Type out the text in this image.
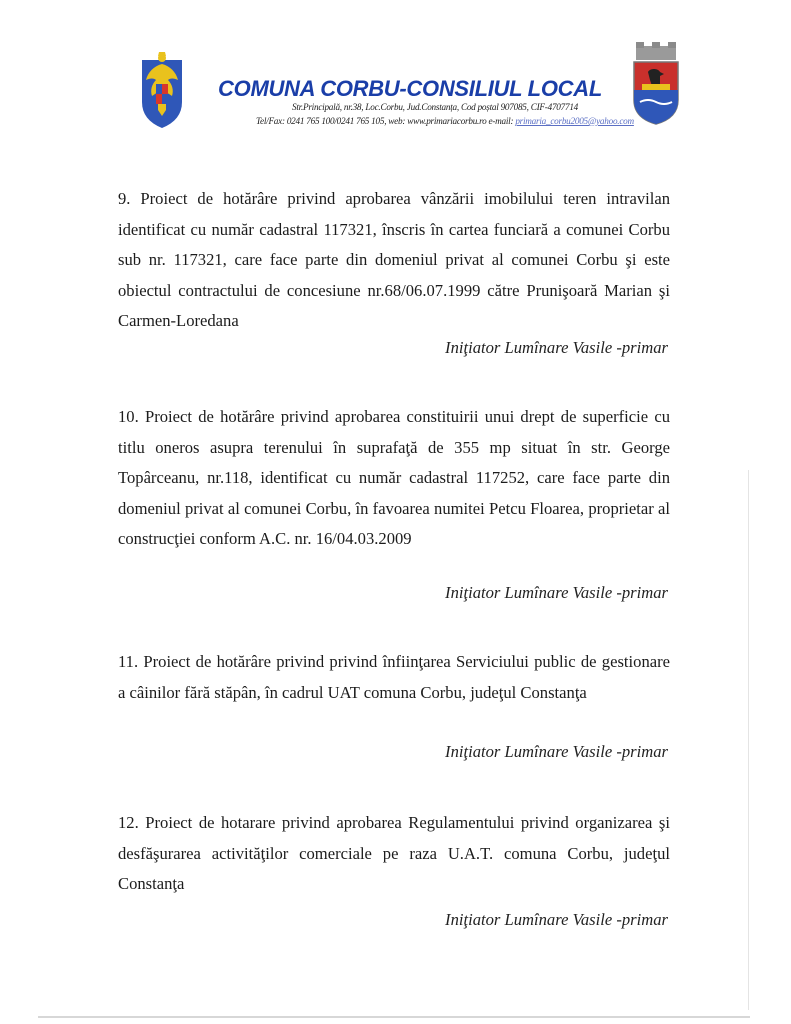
COMUNA CORBU-CONSILIUL LOCAL
Str.Principală, nr.38, Loc.Corbu, Jud.Constanța, Cod poștal 907085, CIF-4707714
Tel/Fax: 0241 765 100/0241 765 105, web: www.primariacorbu.ro e-mail: primaria_corbu2005@yahoo.com
9. Proiect de hotărâre privind aprobarea vânzării imobilului teren intravilan identificat cu număr cadastral 117321, înscris în cartea funciară a comunei Corbu sub nr. 117321, care face parte din domeniul privat al comunei Corbu şi este obiectul contractului de concesiune nr.68/06.07.1999 către Prunişoară Marian şi Carmen-Loredana
Iniţiator Lumînare Vasile -primar
10. Proiect de hotărâre privind aprobarea constituirii unui drept de superficie cu titlu oneros asupra terenului în suprafaţă de 355 mp situat în str. George Topârceanu, nr.118, identificat cu număr cadastral 117252, care face parte din domeniul privat al comunei Corbu, în favoarea numitei Petcu Floarea, proprietar al construcţiei conform A.C. nr. 16/04.03.2009
Iniţiator Lumînare Vasile -primar
11. Proiect de hotărâre privind privind înfiinţarea Serviciului public de gestionare a câinilor fără stăpân, în cadrul UAT comuna Corbu, judeţul Constanţa
Iniţiator Lumînare Vasile -primar
12. Proiect de hotarare privind aprobarea Regulamentului privind organizarea şi desfăşurarea activităţilor comerciale pe raza U.A.T. comuna Corbu, judeţul Constanţa
Iniţiator Lumînare Vasile -primar
